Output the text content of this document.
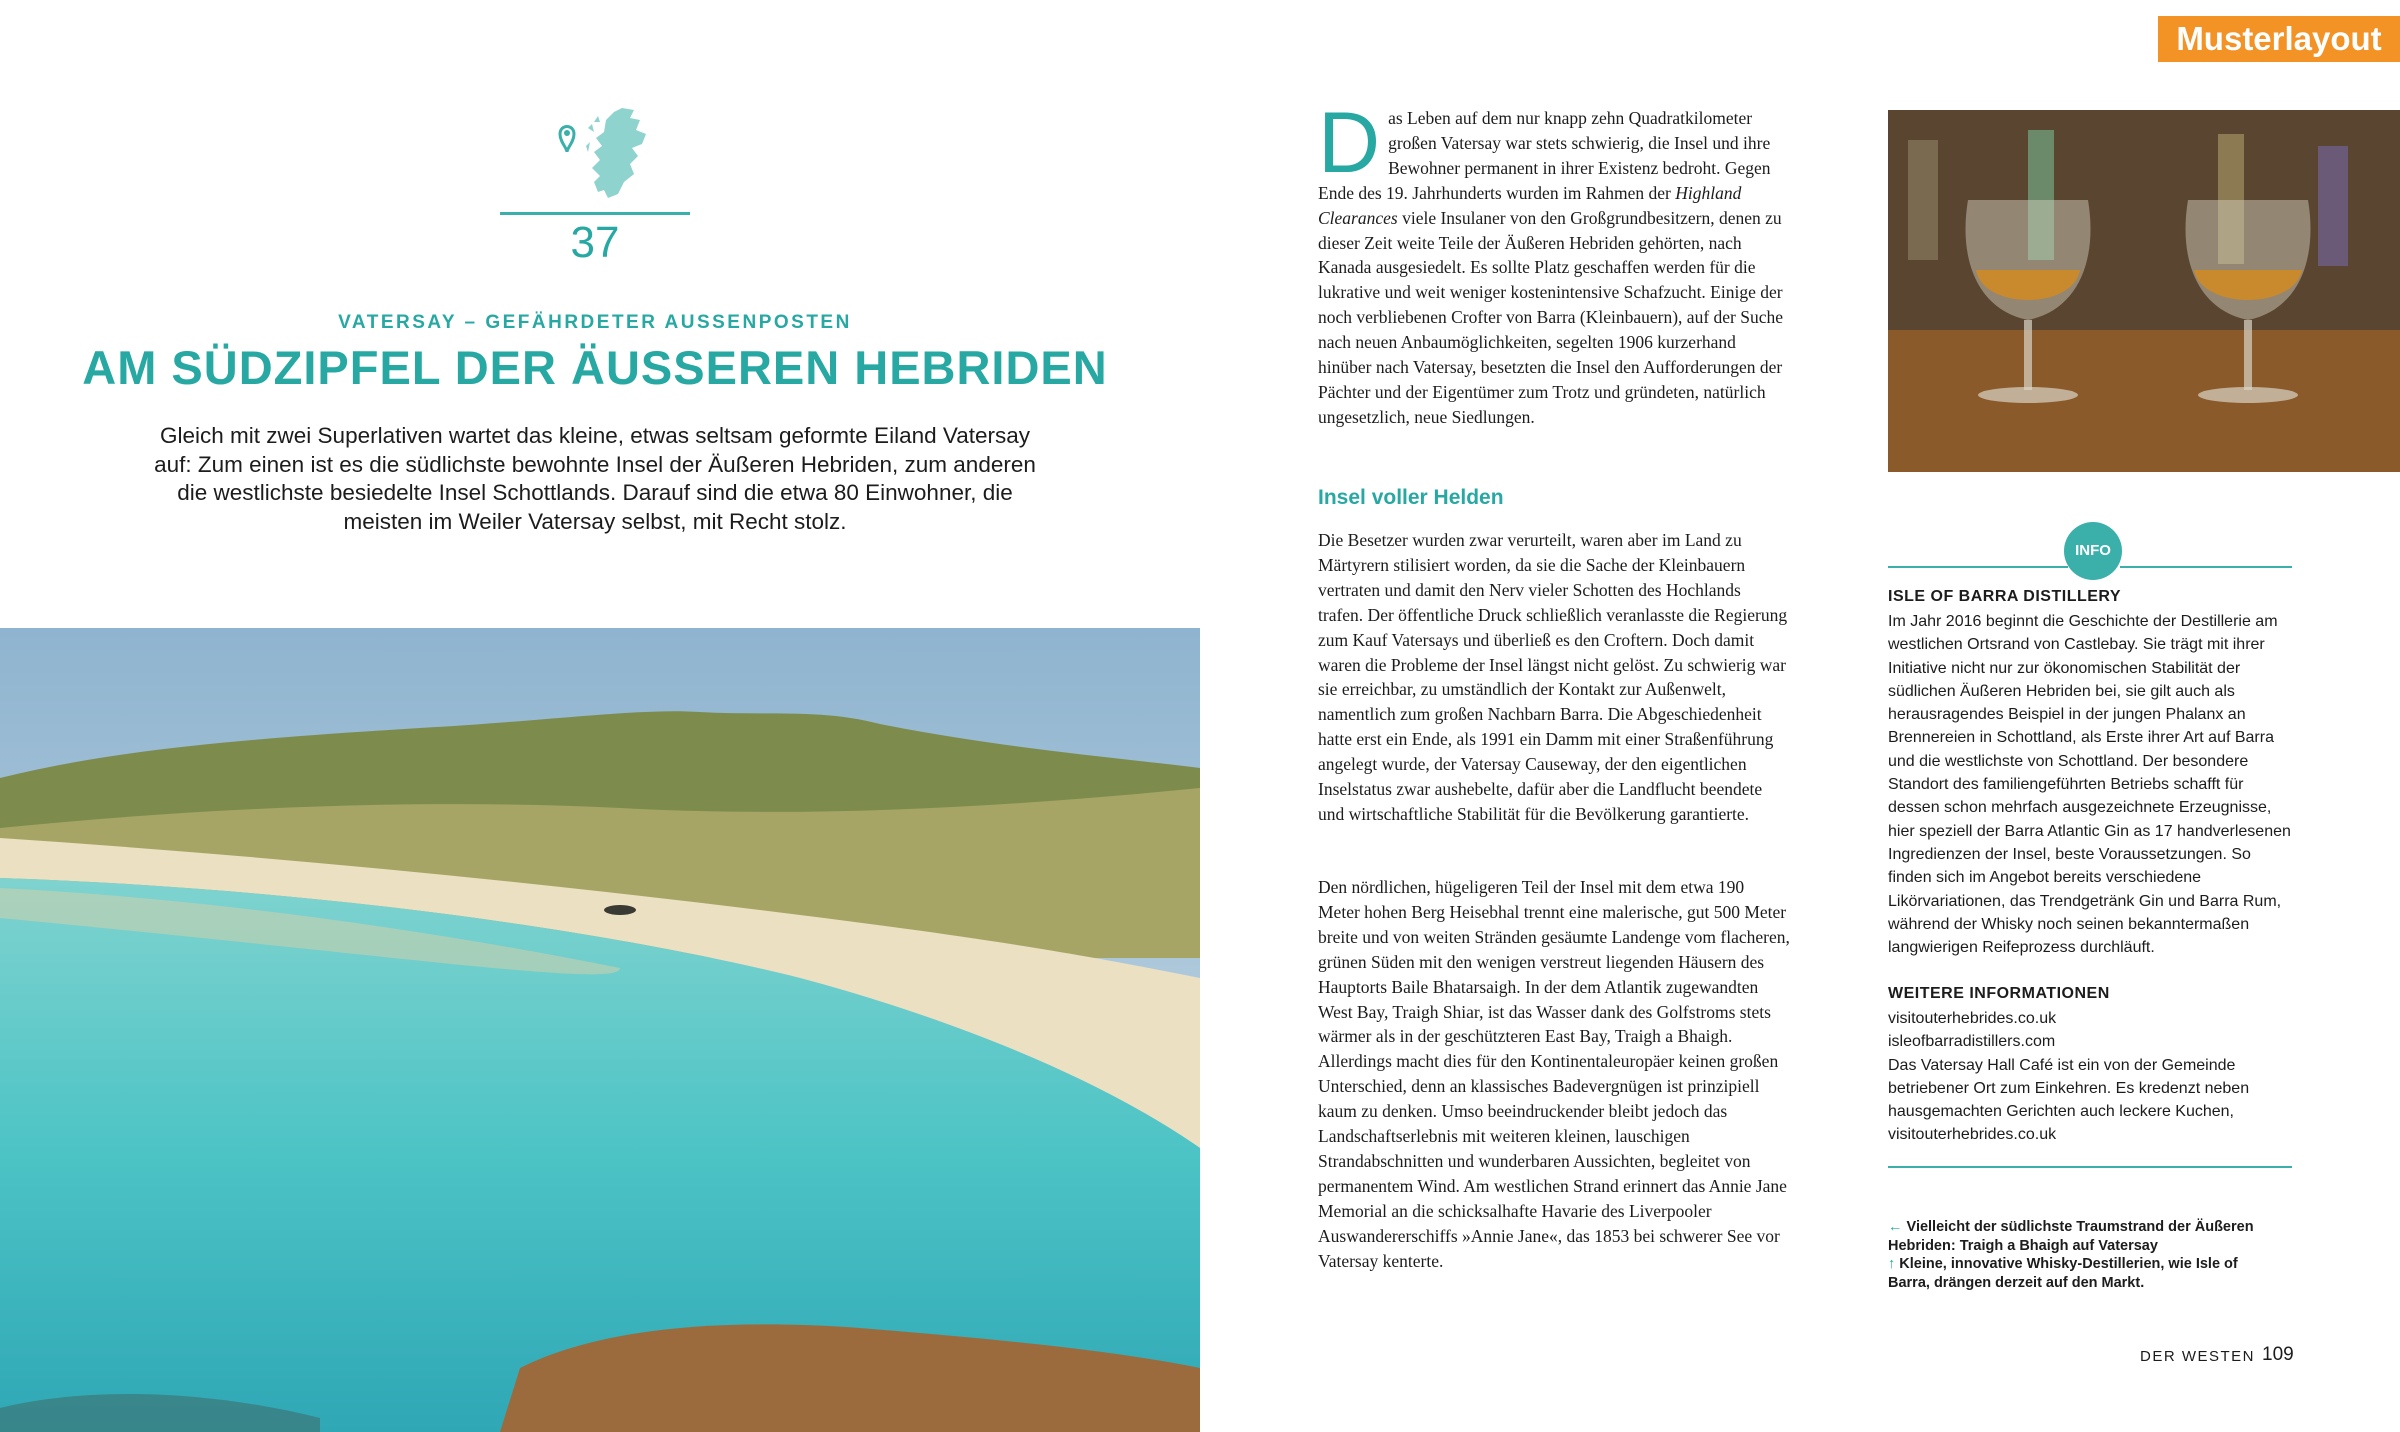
37
VATERSAY – GEFÄHRDETER AUSSENPOSTEN
AM SÜDZIPFEL DER ÄUSSEREN HEBRIDEN
Gleich mit zwei Superlativen wartet das kleine, etwas seltsam geformte Eiland Vatersay auf: Zum einen ist es die südlichste bewohnte Insel der Äußeren Hebriden, zum anderen die westlichste besiedelte Insel Schottlands. Darauf sind die etwa 80 Einwohner, die meisten im Weiler Vatersay selbst, mit Recht stolz.
Musterlayout
Das Leben auf dem nur knapp zehn Quadratkilometer großen Vatersay war stets schwierig, die Insel und ihre Bewohner permanent in ihrer Existenz bedroht. Gegen Ende des 19. Jahrhunderts wurden im Rahmen der Highland Clearances viele Insulaner von den Großgrundbesitzern, denen zu dieser Zeit weite Teile der Äußeren Hebriden gehörten, nach Kanada ausgesiedelt. Es sollte Platz geschaffen werden für die lukrative und weit weniger kostenintensive Schafzucht. Einige der noch verbliebenen Crofter von Barra (Kleinbauern), auf der Suche nach neuen Anbaumöglichkeiten, segelten 1906 kurzerhand hinüber nach Vatersay, besetzten die Insel den Aufforderungen der Pächter und der Eigentümer zum Trotz und gründeten, natürlich ungesetzlich, neue Siedlungen.
Insel voller Helden
Die Besetzer wurden zwar verurteilt, waren aber im Land zu Märtyrern stilisiert worden, da sie die Sache der Kleinbauern vertraten und damit den Nerv vieler Schotten des Hochlands trafen. Der öffentliche Druck schließlich veranlasste die Regierung zum Kauf Vatersays und überließ es den Croftern. Doch damit waren die Probleme der Insel längst nicht gelöst. Zu schwierig war sie erreichbar, zu umständlich der Kontakt zur Außenwelt, namentlich zum großen Nachbarn Barra. Die Abgeschiedenheit hatte erst ein Ende, als 1991 ein Damm mit einer Straßenführung angelegt wurde, der Vatersay Causeway, der den eigentlichen Inselstatus zwar aushebelte, dafür aber die Landflucht beendete und wirtschaftliche Stabilität für die Bevölkerung garantierte.
Den nördlichen, hügeligeren Teil der Insel mit dem etwa 190 Meter hohen Berg Heisebhal trennt eine malerische, gut 500 Meter breite und von weiten Stränden gesäumte Landenge vom flacheren, grünen Süden mit den wenigen verstreut liegenden Häusern des Hauptorts Baile Bhatarsaigh. In der dem Atlantik zugewandten West Bay, Traigh Shiar, ist das Wasser dank des Golfstroms stets wärmer als in der geschützteren East Bay, Traigh a Bhaigh. Allerdings macht dies für den Kontinentaleuropäer keinen großen Unterschied, denn an klassisches Badevergnügen ist prinzipiell kaum zu denken. Umso beeindruckender bleibt jedoch das Landschaftserlebnis mit weiteren kleinen, lauschigen Strandabschnitten und wunderbaren Aussichten, begleitet von permanentem Wind. Am westlichen Strand erinnert das Annie Jane Memorial an die schicksalhafte Havarie des Liverpooler Auswandererschiffs »Annie Jane«, das 1853 bei schwerer See vor Vatersay kenterte.
INFO
ISLE OF BARRA DISTILLERY
Im Jahr 2016 beginnt die Geschichte der Destillerie am westlichen Ortsrand von Castlebay. Sie trägt mit ihrer Initiative nicht nur zur ökonomischen Stabilität der südlichen Äußeren Hebriden bei, sie gilt auch als herausragendes Beispiel in der jungen Phalanx an Brennereien in Schottland, als Erste ihrer Art auf Barra und die westlichste von Schottland. Der besondere Standort des familiengeführten Betriebs schafft für dessen schon mehrfach ausgezeichnete Erzeugnisse, hier speziell der Barra Atlantic Gin as 17 handverlesenen Ingredienzen der Insel, beste Voraussetzungen. So finden sich im Angebot bereits verschiedene Likörvariationen, das Trendgetränk Gin und Barra Rum, während der Whisky noch seinen bekanntermaßen langwierigen Reifeprozess durchläuft.
WEITERE INFORMATIONEN
visitouterhebrides.co.uk
isleofbarradistillers.com
Das Vatersay Hall Café ist ein von der Gemeinde betriebener Ort zum Einkehren. Es kredenzt neben hausgemachten Gerichten auch leckere Kuchen,
visitouterhebrides.co.uk
← Vielleicht der südlichste Traumstrand der Äußeren Hebriden: Traigh a Bhaigh auf Vatersay
↑ Kleine, innovative Whisky-Destillerien, wie Isle of Barra, drängen derzeit auf den Markt.
DER WESTEN 109
